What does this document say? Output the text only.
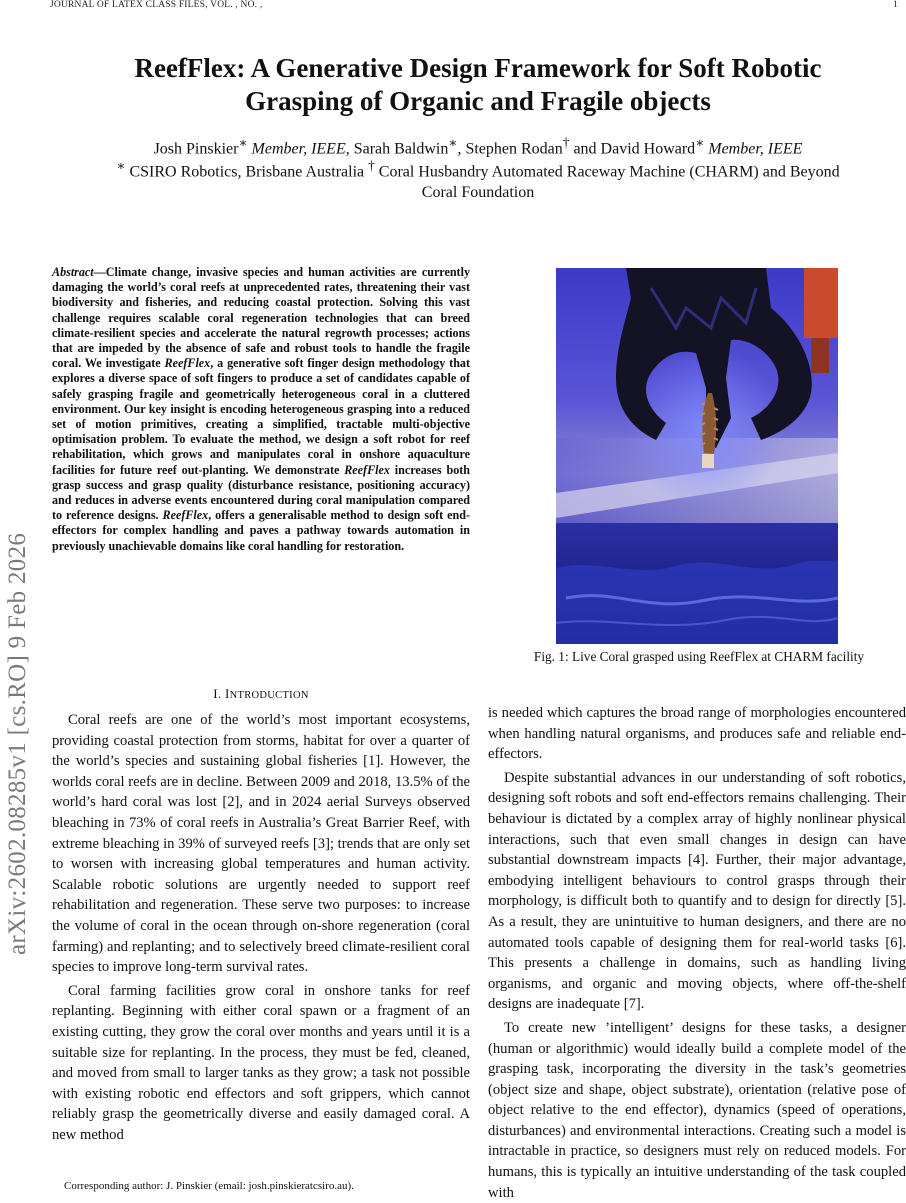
JOURNAL OF LATEX CLASS FILES, VOL. , NO. ,	1
arXiv:2602.08285v1 [cs.RO] 9 Feb 2026
ReefFlex: A Generative Design Framework for Soft Robotic
Grasping of Organic and Fragile objects
Josh Pinskier∗ Member, IEEE, Sarah Baldwin∗, Stephen Rodan† and David Howard∗ Member, IEEE
∗ CSIRO Robotics, Brisbane Australia † Coral Husbandry Automated Raceway Machine (CHARM) and Beyond
Coral Foundation
Abstract—Climate change, invasive species and human activities are currently damaging the world’s coral reefs at unprecedented rates, threatening their vast biodiversity and fisheries, and reducing coastal protection. Solving this vast challenge requires scalable coral regeneration technologies that can breed climate-resilient species and accelerate the natural regrowth processes; actions that are impeded by the absence of safe and robust tools to handle the fragile coral. We investigate ReefFlex, a generative soft finger design methodology that explores a diverse space of soft fingers to produce a set of candidates capable of safely grasping fragile and geometrically heterogeneous coral in a cluttered environment. Our key insight is encoding heterogeneous grasping into a reduced set of motion primitives, creating a simplified, tractable multi-objective optimisation problem. To evaluate the method, we design a soft robot for reef rehabilitation, which grows and manipulates coral in onshore aquaculture facilities for future reef out-planting. We demonstrate ReefFlex increases both grasp success and grasp quality (disturbance resistance, positioning accuracy) and reduces in adverse events encountered during coral manipulation compared to reference designs. ReefFlex, offers a generalisable method to design soft end-effectors for complex handling and paves a pathway towards automation in previously unachievable domains like coral handling for restoration.
Fig. 1: Live Coral grasped using ReefFlex at CHARM facility
I. INTRODUCTION

Coral reefs are one of the world’s most important ecosystems, providing coastal protection from storms, habitat for over a quarter of the world’s species and sustaining global fisheries [1]. However, the worlds coral reefs are in decline. Between 2009 and 2018, 13.5% of the world’s hard coral was lost [2], and in 2024 aerial Surveys observed bleaching in 73% of coral reefs in Australia’s Great Barrier Reef, with extreme bleaching in 39% of surveyed reefs [3]; trends that are only set to worsen with increasing global temperatures and human activity. Scalable robotic solutions are urgently needed to support reef rehabilitation and regeneration. These serve two purposes: to increase the volume of coral in the ocean through on-shore regeneration (coral farming) and replanting; and to selectively breed climate-resilient coral species to improve long-term survival rates.

Coral farming facilities grow coral in onshore tanks for reef replanting. Beginning with either coral spawn or a fragment of an existing cutting, they grow the coral over months and years until it is a suitable size for replanting. In the process, they must be fed, cleaned, and moved from small to larger tanks as they grow; a task not possible with existing robotic end effectors and soft grippers, which cannot reliably grasp the geometrically diverse and easily damaged coral. A new method

is needed which captures the broad range of morphologies encountered when handling natural organisms, and produces safe and reliable end-effectors.

Despite substantial advances in our understanding of soft robotics, designing soft robots and soft end-effectors remains challenging. Their behaviour is dictated by a complex array of highly nonlinear physical interactions, such that even small changes in design can have substantial downstream impacts [4]. Further, their major advantage, embodying intelligent behaviours to control grasps through their morphology, is difficult both to quantify and to design for directly [5]. As a result, they are unintuitive to human designers, and there are no automated tools capable of designing them for real-world tasks [6]. This presents a challenge in domains, such as handling living organisms, and organic and moving objects, where off-the-shelf designs are inadequate [7].

To create new ’intelligent’ designs for these tasks, a designer (human or algorithmic) would ideally build a complete model of the grasping task, incorporating the diversity in the task’s geometries (object size and shape, object substrate), orientation (relative pose of object relative to the end effector), dynamics (speed of operations, disturbances) and environmental interactions. Creating such a model is intractable in practice, so designers must rely on reduced models. For humans, this is typically an intuitive understanding of the task coupled with

Corresponding author: J. Pinskier (email: josh.pinskieratcsiro.au).
